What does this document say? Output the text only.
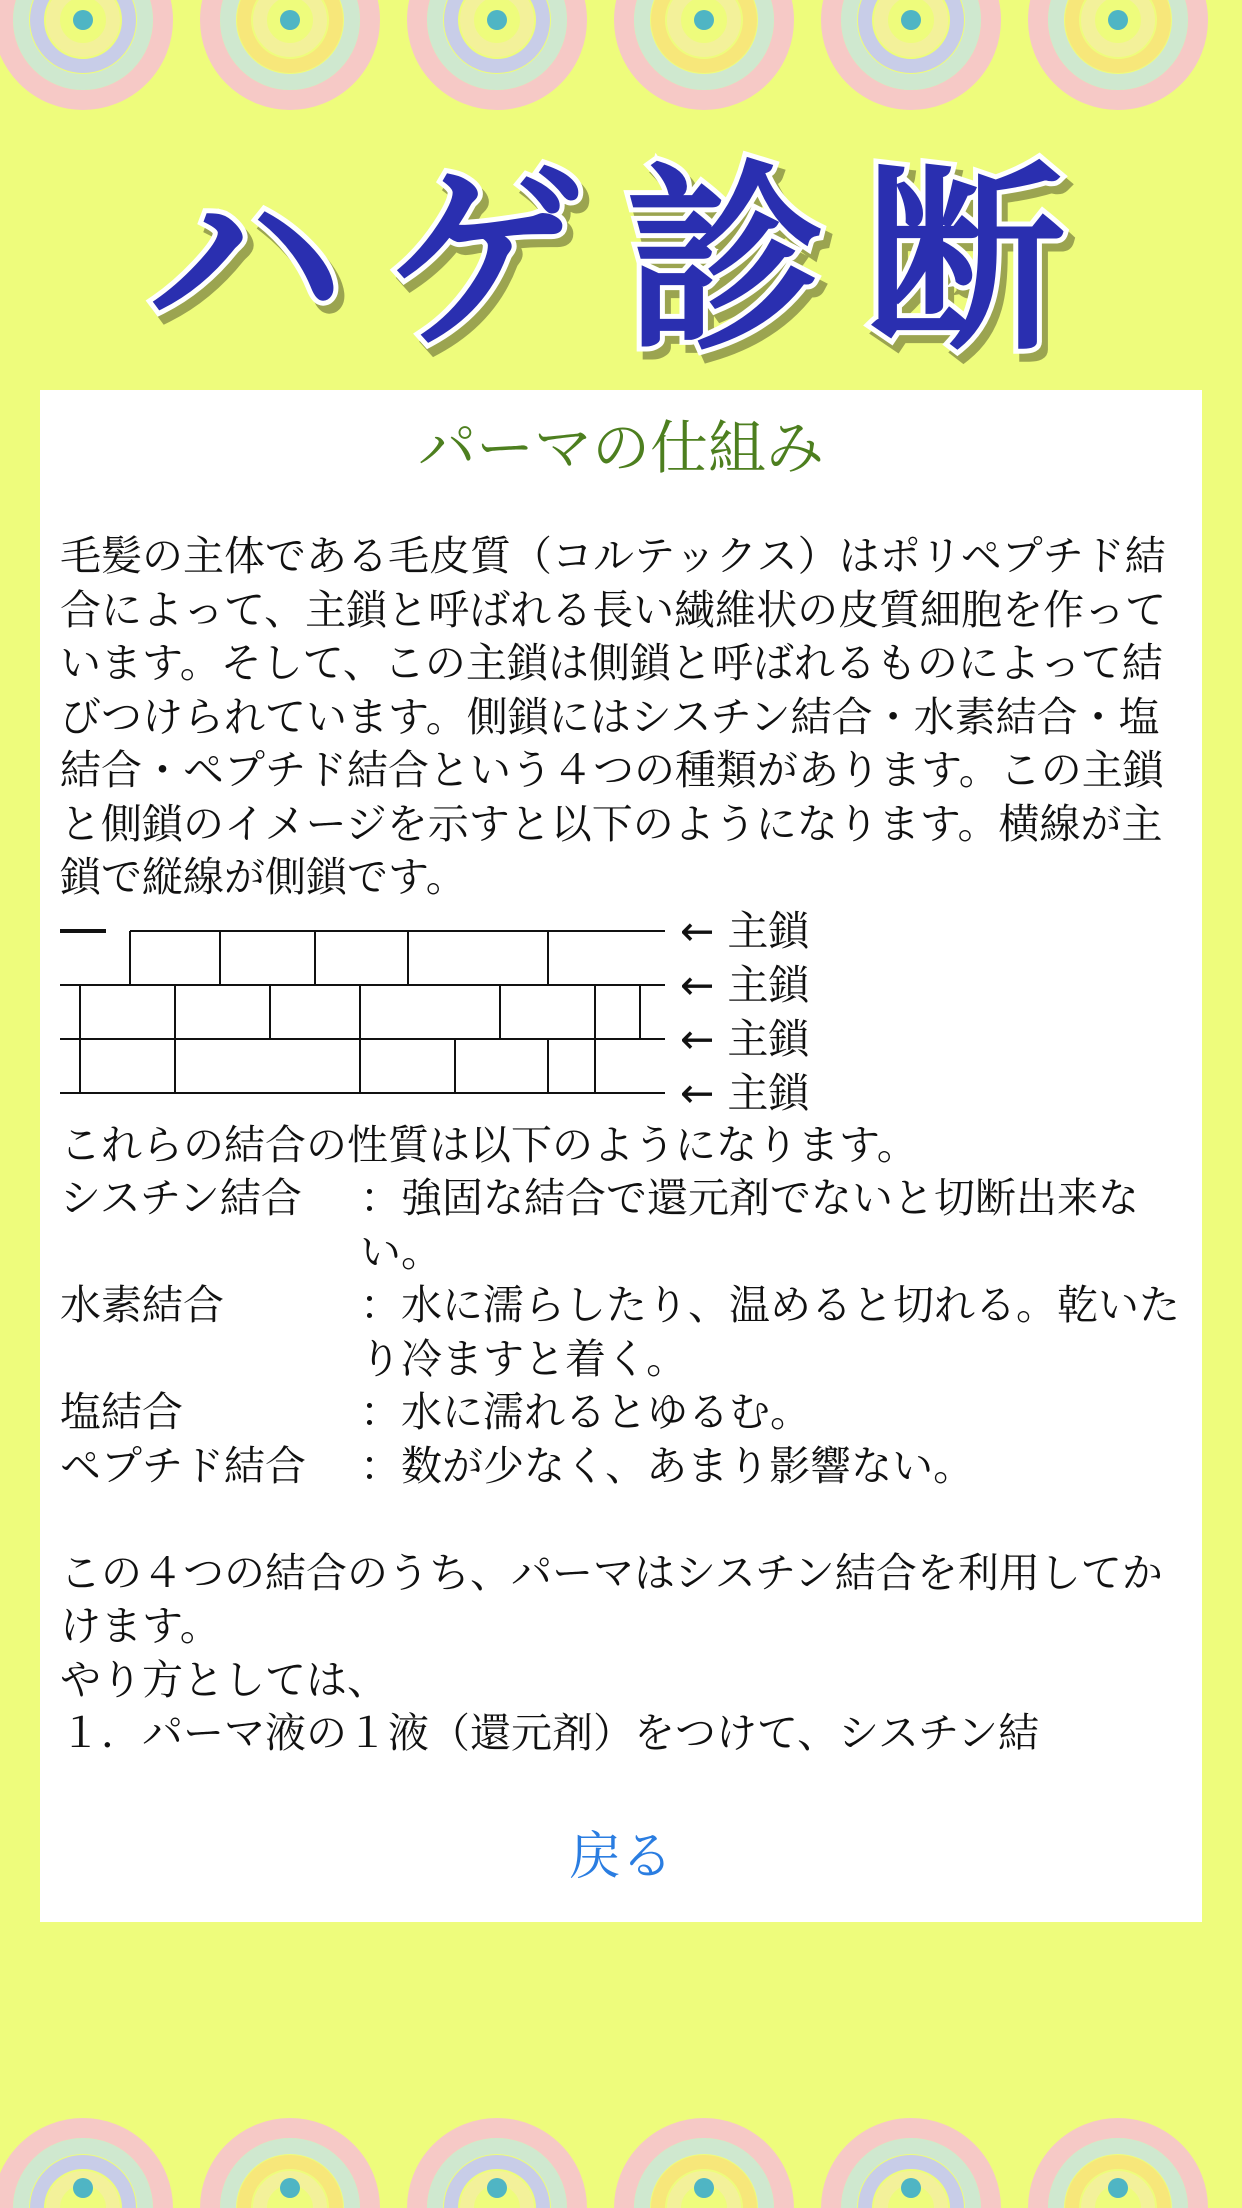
ハゲ診断
パーマの仕組み

毛髪の主体である毛皮質（コルテックス）はポリペプチド結合によって、主鎖と呼ばれる長い繊維状の皮質細胞を作っています。そして、この主鎖は側鎖と呼ばれるものによって結びつけられています。側鎖にはシスチン結合・水素結合・塩結合・ペプチド結合という４つの種類があります。この主鎖と側鎖のイメージを示すと以下のようになります。横線が主鎖で縦線が側鎖です。

← 主鎖
← 主鎖
← 主鎖
← 主鎖

これらの結合の性質は以下のようになります。

シスチン結合	：強固な結合で還元剤でないと切断出来ない。
水素結合	：水に濡らしたり、温めると切れる。乾いたり冷ますと着く。
塩結合	：水に濡れるとゆるむ。
ペプチド結合	：数が少なく、あまり影響ない。

この４つの結合のうち、パーマはシスチン結合を利用してかけます。

やり方としては、

１．パーマ液の１液（還元剤）をつけて、シスチン結

戻る
